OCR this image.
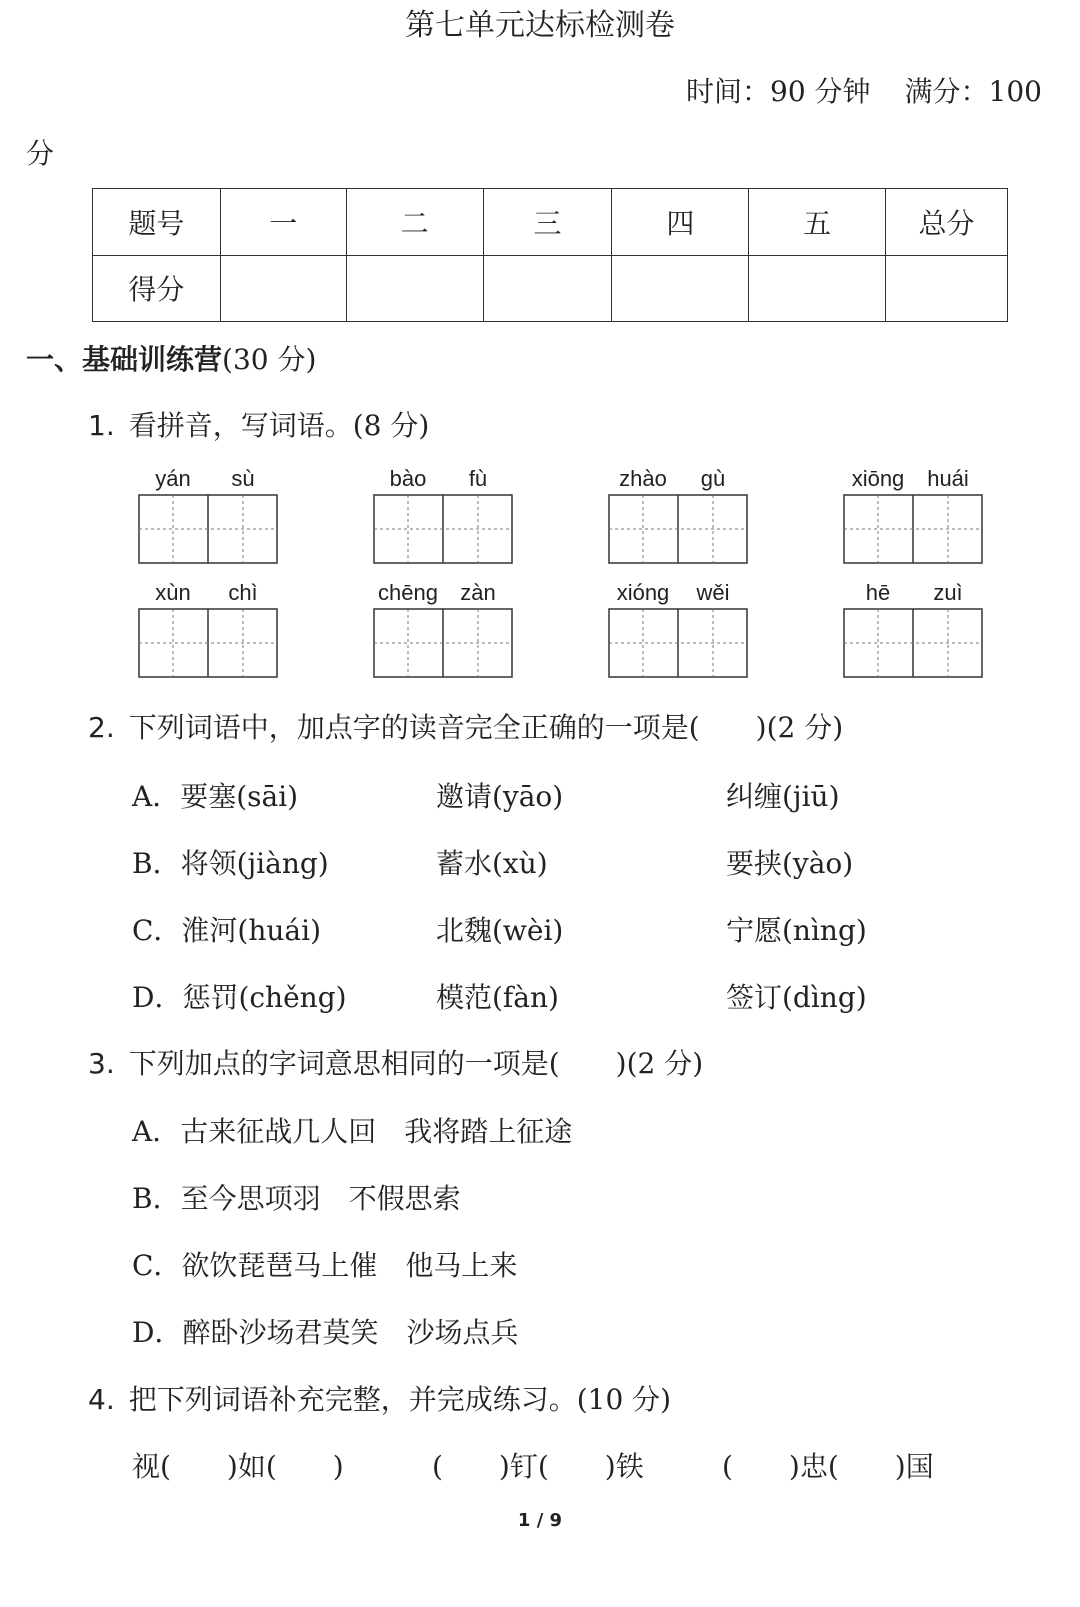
第七单元达标检测卷
时间：90 分钟 满分：100
分
题号	一	二	三	四	五	总分
得分						
一、基础训练营(30 分)
1. 看拼音，写词语。(8 分)
yán	sù	bào	fù	zhào	gù	xiōng	huái
xùn	chì	chēng	zàn	xióng	wěi	hē	zuì
2. 下列词语中，加点字的读音完全正确的一项是(　　)(2 分)
A．要塞(sāi)	邀请(yāo)	纠缠(jiū)
B．将领(jiàng)	蓄水(xù)	要挟(yào)
C．淮河(huái)	北魏(wèi)	宁愿(nìng)
D．惩罚(chěng)	模范(fàn)	签订(dìng)
3. 下列加点的字词意思相同的一项是(　　)(2 分)
A．古来征战几人回　我将踏上征途
B．至今思项羽　不假思索
C．欲饮琵琶马上催　他马上来
D．醉卧沙场君莫笑　沙场点兵
4. 把下列词语补充完整，并完成练习。(10 分)
视(　　)如(　　)	(　　)钉(　　)铁	(　　)忠(　　)国
1 / 9
